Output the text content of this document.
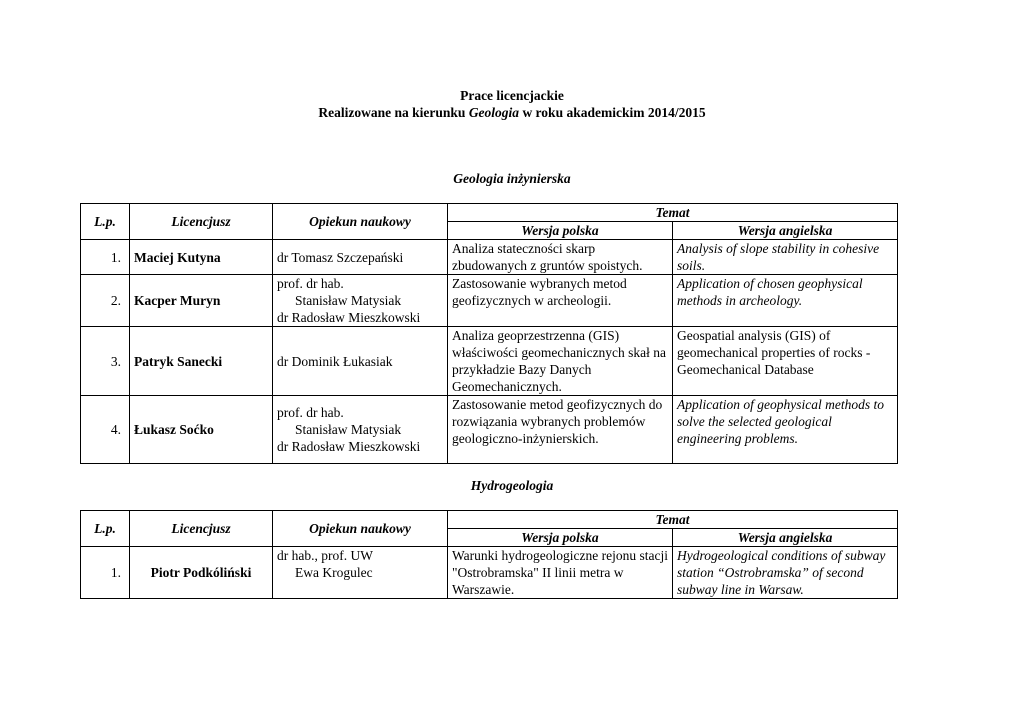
Prace licencjackie
Realizowane na kierunku Geologia w roku akademickim 2014/2015
Geologia inżynierska
L.p.	Licencjusz	Opiekun naukowy	Temat	
			Wersja polska	Wersja angielska
1.	Maciej Kutyna	dr Tomasz Szczepański	Analiza stateczności skarp zbudowanych z gruntów spoistych.	Analysis of slope stability in cohesive soils.
2.	Kacper Muryn	prof. dr hab.
Stanisław Matysiak
dr Radosław Mieszkowski	Zastosowanie wybranych metod geofizycznych w archeologii.	Application of chosen geophysical methods in archeology.
3.	Patryk Sanecki	dr Dominik Łukasiak	Analiza geoprzestrzenna (GIS) właściwości geomechanicznych skał na przykładzie Bazy Danych Geomechanicznych.	Geospatial analysis (GIS) of geomechanical properties of rocks - Geomechanical Database
4.	Łukasz Soćko	prof. dr hab.
Stanisław Matysiak
dr Radosław Mieszkowski	Zastosowanie metod geofizycznych do rozwiązania wybranych problemów geologiczno-inżynierskich.	Application of geophysical methods to solve the selected geological engineering problems.
Hydrogeologia
L.p.	Licencjusz	Opiekun naukowy	Temat	
			Wersja polska	Wersja angielska
1.	Piotr Podkóliński	dr hab., prof. UW
Ewa Krogulec	Warunki hydrogeologiczne rejonu stacji "Ostrobramska" II linii metra w Warszawie.	Hydrogeological conditions of subway station “Ostrobramska” of second subway line in Warsaw.
